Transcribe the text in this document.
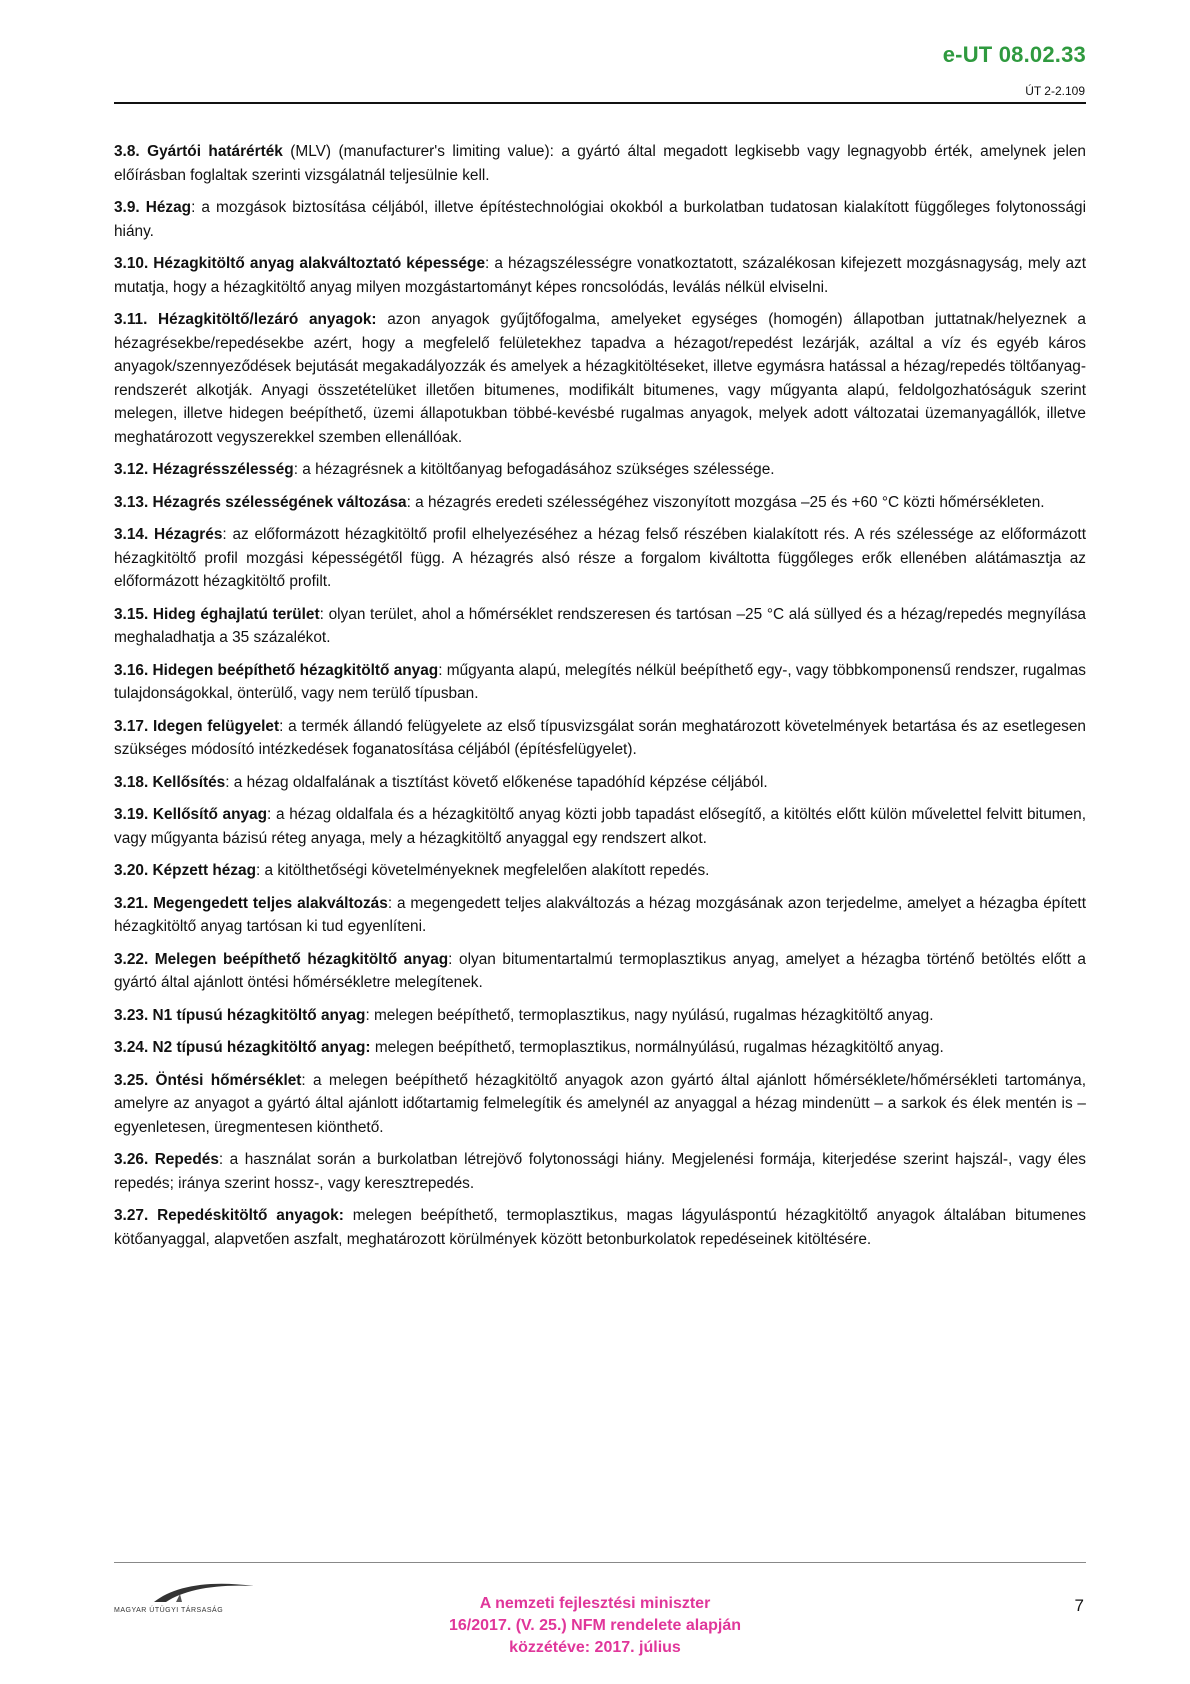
e-UT 08.02.33
ÚT 2-2.109

3.8. Gyártói határérték (MLV) (manufacturer's limiting value): a gyártó által megadott legkisebb vagy legnagyobb érték, amelynek jelen előírásban foglaltak szerinti vizsgálatnál teljesülnie kell.

3.9. Hézag: a mozgások biztosítása céljából, illetve építéstechnológiai okokból a burkolatban tudatosan kialakított függőleges folytonossági hiány.

3.10. Hézagkitöltő anyag alakváltoztató képessége: a hézagszélességre vonatkoztatott, százalékosan kifejezett mozgásnagyság, mely azt mutatja, hogy a hézagkitöltő anyag milyen mozgástartományt képes roncsolódás, leválás nélkül elviselni.

3.11. Hézagkitöltő/lezáró anyagok: azon anyagok gyűjtőfogalma, amelyeket egységes (homogén) állapotban juttatnak/helyeznek a hézagrésekbe/repedésekbe azért, hogy a megfelelő felületekhez tapadva a hézagot/repedést lezárják, azáltal a víz és egyéb káros anyagok/szennyeződések bejutását megakadályozzák és amelyek a hézagkitöltéseket, illetve egymásra hatással a hézag/repedés töltőanyag-rendszerét alkotják. Anyagi összetételüket illetően bitumenes, modifikált bitumenes, vagy műgyanta alapú, feldolgozhatóságuk szerint melegen, illetve hidegen beépíthető, üzemi állapotukban többé-kevésbé rugalmas anyagok, melyek adott változatai üzemanyagállók, illetve meghatározott vegyszerekkel szemben ellenállóak.

3.12. Hézagrésszélesség: a hézagrésnek a kitöltőanyag befogadásához szükséges szélessége.

3.13. Hézagrés szélességének változása: a hézagrés eredeti szélességéhez viszonyított mozgása –25 és +60 °C közti hőmérsékleten.

3.14. Hézagrés: az előformázott hézagkitöltő profil elhelyezéséhez a hézag felső részében kialakított rés. A rés szélessége az előformázott hézagkitöltő profil mozgási képességétől függ. A hézagrés alsó része a forgalom kiváltotta függőleges erők ellenében alátámasztja az előformázott hézagkitöltő profilt.

3.15. Hideg éghajlatú terület: olyan terület, ahol a hőmérséklet rendszeresen és tartósan –25 °C alá süllyed és a hézag/repedés megnyílása meghaladhatja a 35 százalékot.

3.16. Hidegen beépíthető hézagkitöltő anyag: műgyanta alapú, melegítés nélkül beépíthető egy-, vagy többkomponensű rendszer, rugalmas tulajdonságokkal, önterülő, vagy nem terülő típusban.

3.17. Idegen felügyelet: a termék állandó felügyelete az első típusvizsgálat során meghatározott követelmények betartása és az esetlegesen szükséges módosító intézkedések foganatosítása céljából (építésfelügyelet).

3.18. Kellősítés: a hézag oldalfalának a tisztítást követő előkenése tapadóhíd képzése céljából.

3.19. Kellősítő anyag: a hézag oldalfala és a hézagkitöltő anyag közti jobb tapadást elősegítő, a kitöltés előtt külön művelettel felvitt bitumen, vagy műgyanta bázisú réteg anyaga, mely a hézagkitöltő anyaggal egy rendszert alkot.

3.20. Képzett hézag: a kitölthetőségi követelményeknek megfelelően alakított repedés.

3.21. Megengedett teljes alakváltozás: a megengedett teljes alakváltozás a hézag mozgásának azon terjedelme, amelyet a hézagba épített hézagkitöltő anyag tartósan ki tud egyenlíteni.

3.22. Melegen beépíthető hézagkitöltő anyag: olyan bitumentartalmú termoplasztikus anyag, amelyet a hézagba történő betöltés előtt a gyártó által ajánlott öntési hőmérsékletre melegítenek.

3.23. N1 típusú hézagkitöltő anyag: melegen beépíthető, termoplasztikus, nagy nyúlású, rugalmas hézagkitöltő anyag.

3.24. N2 típusú hézagkitöltő anyag: melegen beépíthető, termoplasztikus, normálnyúlású, rugalmas hézagkitöltő anyag.

3.25. Öntési hőmérséklet: a melegen beépíthető hézagkitöltő anyagok azon gyártó által ajánlott hőmérséklete/hőmérsékleti tartománya, amelyre az anyagot a gyártó által ajánlott időtartamig felmelegítik és amelynél az anyaggal a hézag mindenütt – a sarkok és élek mentén is – egyenletesen, üregmentesen kiönthető.

3.26. Repedés: a használat során a burkolatban létrejövő folytonossági hiány. Megjelenési formája, kiterjedése szerint hajszál-, vagy éles repedés; iránya szerint hossz-, vagy keresztrepedés.

3.27. Repedéskitöltő anyagok: melegen beépíthető, termoplasztikus, magas lágyuláspontú hézagkitöltő anyagok általában bitumenes kötőanyaggal, alapvetően aszfalt, meghatározott körülmények között betonburkolatok repedéseinek kitöltésére.

MAGYAR ÚTÜGYI TÁRSASÁG	A nemzeti fejlesztési miniszter
16/2017. (V. 25.) NFM rendelete alapján
közzétéve: 2017. július
7
